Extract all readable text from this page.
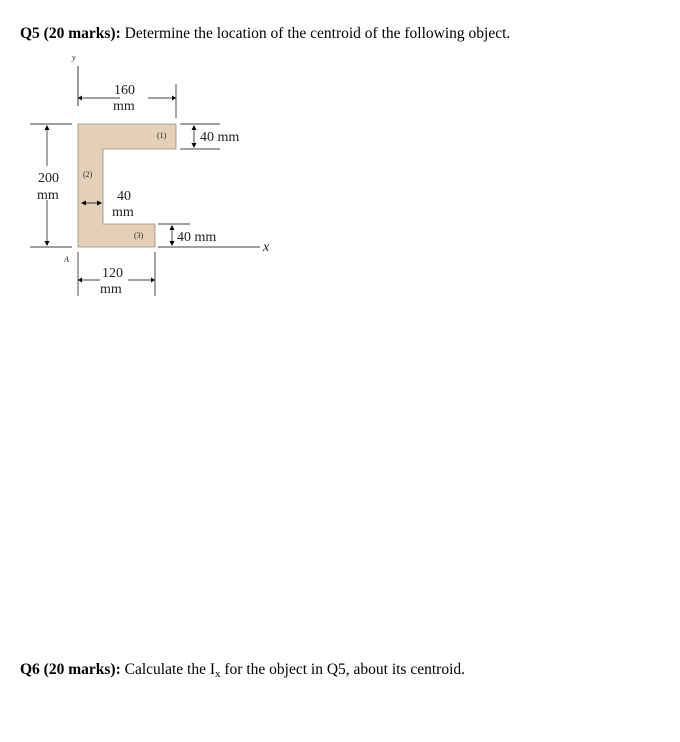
Q5 (20 marks): Determine the location of the centroid of the following object.
y
160
mm
40 mm
(1)
(2)
(3)
200
mm	40
mm
40 mm
x
A
120
mm
Q6 (20 marks): Calculate the $I_x$ for the object in Q5, about its centroid.
